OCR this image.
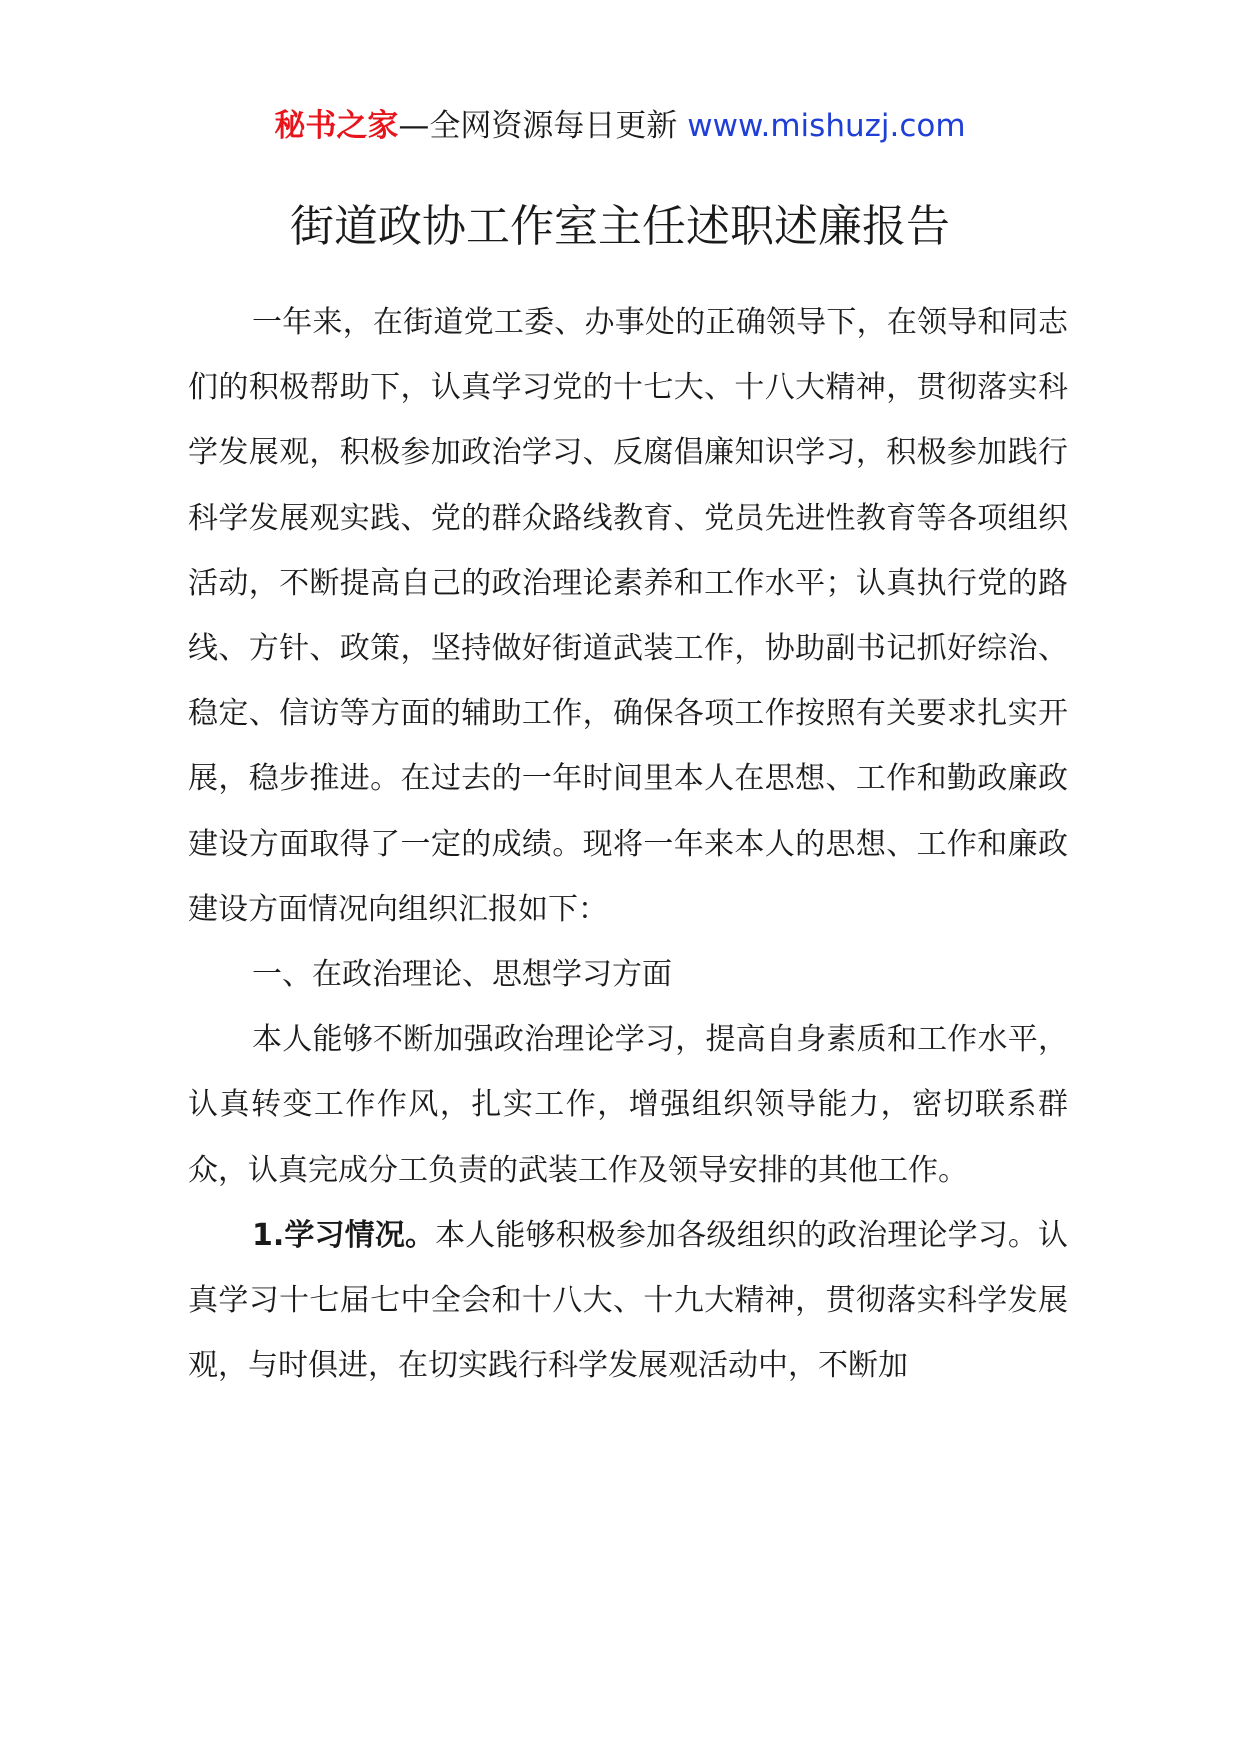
秘书之家—全网资源每日更新 www.mishuzj.com
街道政协工作室主任述职述廉报告

一年来，在街道党工委、办事处的正确领导下，在领导和同志们的积极帮助下，认真学习党的十七大、十八大精神，贯彻落实科学发展观，积极参加政治学习、反腐倡廉知识学习，积极参加践行科学发展观实践、党的群众路线教育、党员先进性教育等各项组织活动，不断提高自己的政治理论素养和工作水平；认真执行党的路线、方针、政策，坚持做好街道武装工作，协助副书记抓好综治、稳定、信访等方面的辅助工作，确保各项工作按照有关要求扎实开展，稳步推进。在过去的一年时间里本人在思想、工作和勤政廉政建设方面取得了一定的成绩。现将一年来本人的思想、工作和廉政建设方面情况向组织汇报如下：

一、在政治理论、思想学习方面

本人能够不断加强政治理论学习，提高自身素质和工作水平，认真转变工作作风，扎实工作，增强组织领导能力，密切联系群众，认真完成分工负责的武装工作及领导安排的其他工作。

1.学习情况。本人能够积极参加各级组织的政治理论学习。认真学习十七届七中全会和十八大、十九大精神，贯彻落实科学发展观，与时俱进，在切实践行科学发展观活动中，不断加
